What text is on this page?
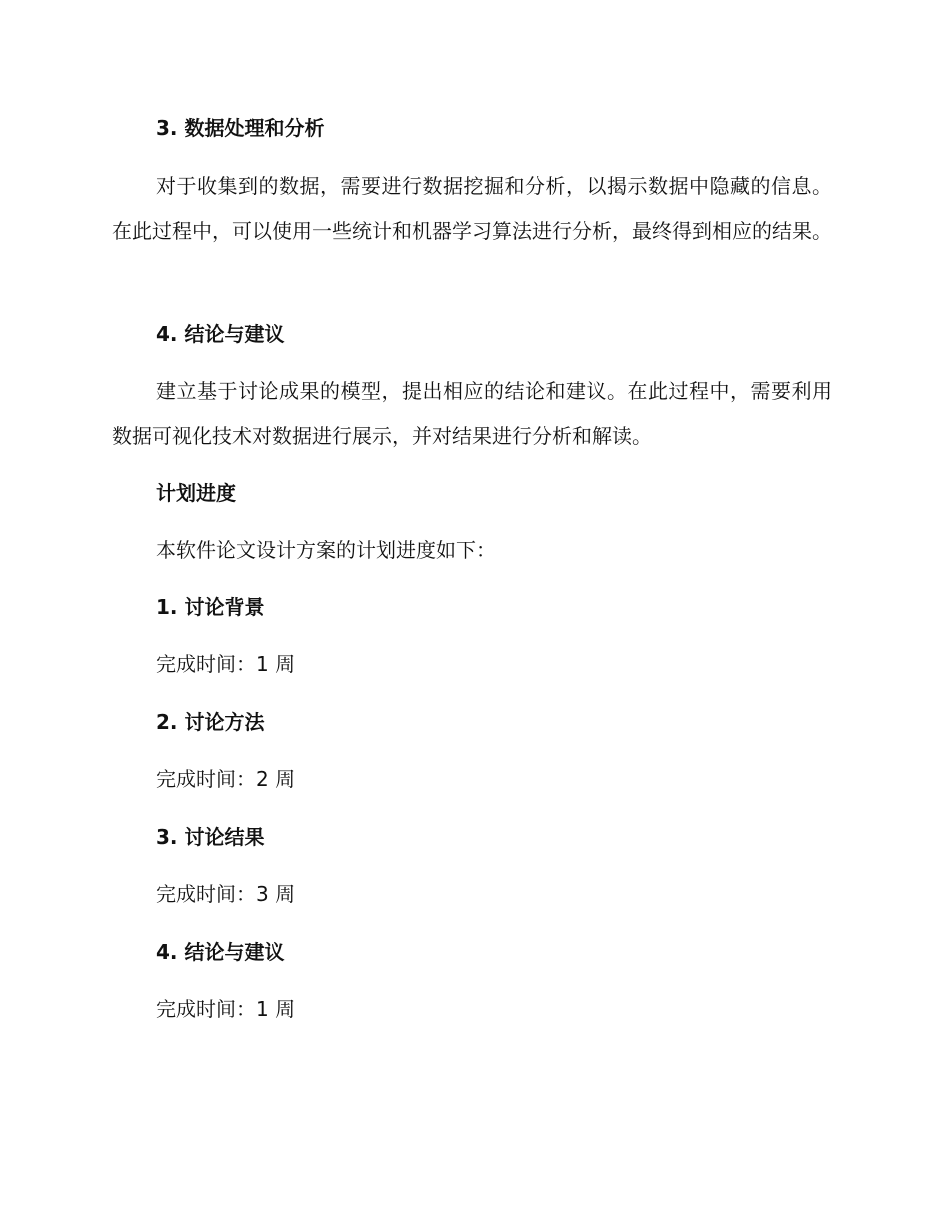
3. 数据处理和分析

对于收集到的数据，需要进行数据挖掘和分析，以揭示数据中隐藏的信息。在此过程中，可以使用一些统计和机器学习算法进行分析，最终得到相应的结果。

4. 结论与建议

建立基于讨论成果的模型，提出相应的结论和建议。在此过程中，需要利用数据可视化技术对数据进行展示，并对结果进行分析和解读。

计划进度

本软件论文设计方案的计划进度如下：

1. 讨论背景

完成时间：1 周

2. 讨论方法

完成时间：2 周

3. 讨论结果

完成时间：3 周

4. 结论与建议

完成时间：1 周
